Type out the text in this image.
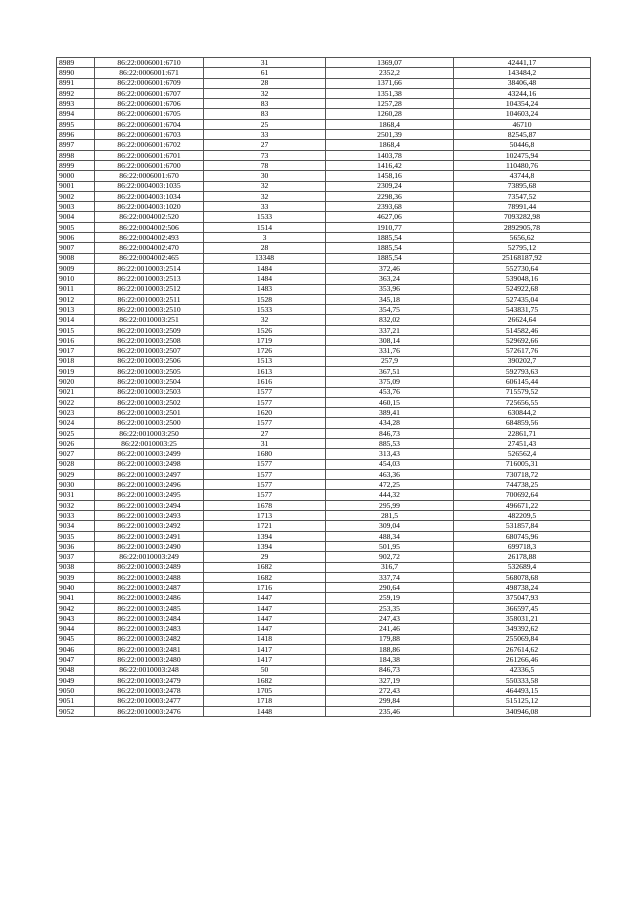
8989	86:22:0006001:6710	31	1369,07	42441,17
8990	86:22:0006001:671	61	2352,2	143484,2
8991	86:22:0006001:6709	28	1371,66	38406,48
8992	86:22:0006001:6707	32	1351,38	43244,16
8993	86:22:0006001:6706	83	1257,28	104354,24
8994	86:22:0006001:6705	83	1260,28	104603,24
8995	86:22:0006001:6704	25	1868,4	46710
8996	86:22:0006001:6703	33	2501,39	82545,87
8997	86:22:0006001:6702	27	1868,4	50446,8
8998	86:22:0006001:6701	73	1403,78	102475,94
8999	86:22:0006001:6700	78	1416,42	110480,76
9000	86:22:0006001:670	30	1458,16	43744,8
9001	86:22:0004003:1035	32	2309,24	73895,68
9002	86:22:0004003:1034	32	2298,36	73547,52
9003	86:22:0004003:1020	33	2393,68	78991,44
9004	86:22:0004002:520	1533	4627,06	7093282,98
9005	86:22:0004002:506	1514	1910,77	2892905,78
9006	86:22:0004002:493	3	1885,54	5656,62
9007	86:22:0004002:470	28	1885,54	52795,12
9008	86:22:0004002:465	13348	1885,54	25168187,92
9009	86:22:0010003:2514	1484	372,46	552730,64
9010	86:22:0010003:2513	1484	363,24	539048,16
9011	86:22:0010003:2512	1483	353,96	524922,68
9012	86:22:0010003:2511	1528	345,18	527435,04
9013	86:22:0010003:2510	1533	354,75	543831,75
9014	86:22:0010003:251	32	832,02	26624,64
9015	86:22:0010003:2509	1526	337,21	514582,46
9016	86:22:0010003:2508	1719	308,14	529692,66
9017	86:22:0010003:2507	1726	331,76	572617,76
9018	86:22:0010003:2506	1513	257,9	390202,7
9019	86:22:0010003:2505	1613	367,51	592793,63
9020	86:22:0010003:2504	1616	375,09	606145,44
9021	86:22:0010003:2503	1577	453,76	715579,52
9022	86:22:0010003:2502	1577	460,15	725656,55
9023	86:22:0010003:2501	1620	389,41	630844,2
9024	86:22:0010003:2500	1577	434,28	684859,56
9025	86:22:0010003:250	27	846,73	22861,71
9026	86:22:0010003:25	31	885,53	27451,43
9027	86:22:0010003:2499	1680	313,43	526562,4
9028	86:22:0010003:2498	1577	454,03	716005,31
9029	86:22:0010003:2497	1577	463,36	730718,72
9030	86:22:0010003:2496	1577	472,25	744738,25
9031	86:22:0010003:2495	1577	444,32	700692,64
9032	86:22:0010003:2494	1678	295,99	496671,22
9033	86:22:0010003:2493	1713	281,5	482209,5
9034	86:22:0010003:2492	1721	309,04	531857,84
9035	86:22:0010003:2491	1394	488,34	680745,96
9036	86:22:0010003:2490	1394	501,95	699718,3
9037	86:22:0010003:249	29	902,72	26178,88
9038	86:22:0010003:2489	1682	316,7	532689,4
9039	86:22:0010003:2488	1682	337,74	568078,68
9040	86:22:0010003:2487	1716	290,64	498738,24
9041	86:22:0010003:2486	1447	259,19	375047,93
9042	86:22:0010003:2485	1447	253,35	366597,45
9043	86:22:0010003:2484	1447	247,43	358031,21
9044	86:22:0010003:2483	1447	241,46	349392,62
9045	86:22:0010003:2482	1418	179,88	255069,84
9046	86:22:0010003:2481	1417	188,86	267614,62
9047	86:22:0010003:2480	1417	184,38	261266,46
9048	86:22:0010003:248	50	846,73	42336,5
9049	86:22:0010003:2479	1682	327,19	550333,58
9050	86:22:0010003:2478	1705	272,43	464493,15
9051	86:22:0010003:2477	1718	299,84	515125,12
9052	86:22:0010003:2476	1448	235,46	340946,08
